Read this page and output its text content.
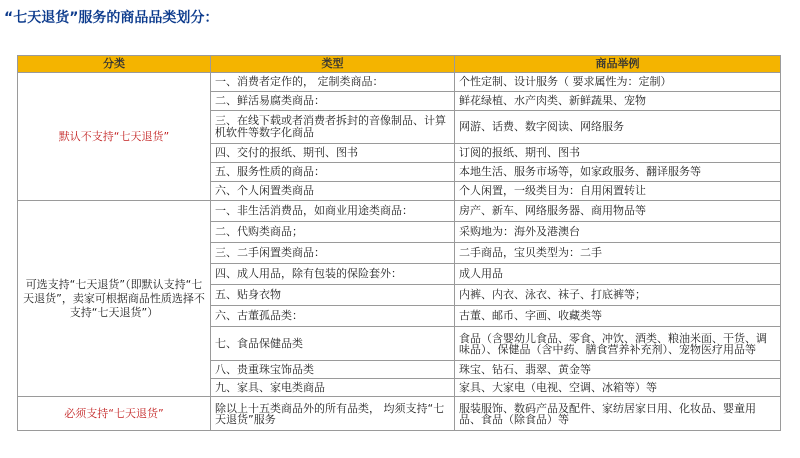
“七天退货”服务的商品品类划分：
分类	类型	商品举例
默认不支持“七天退货”	一、消费者定作的， 定制类商品：	个性定制、设计服务（ 要求属性为：定制）
	二、鲜活易腐类商品：	鲜花绿植、水产肉类、新鲜蔬果、宠物
	三、在线下载或者消费者拆封的音像制品、计算机软件等数字化商品	网游、话费、数字阅读、网络服务
	四、交付的报纸、期刊、图书	订阅的报纸、期刊、图书
	五、服务性质的商品：	本地生活、服务市场等，如家政服务、翻译服务等
	六、个人闲置类商品	个人闲置，一级类目为：自用闲置转让
可选支持“七天退货”（即默认支持“七天退货”，卖家可根据商品性质选择不支持“七天退货”）	一、非生活消费品，如商业用途类商品：	房产、新车、网络服务器、商用物品等
	二、代购类商品；	采购地为：海外及港澳台
	三、二手闲置类商品：	二手商品，宝贝类型为：二手
	四、成人用品，除有包装的保险套外：	成人用品
	五、贴身衣物	内裤、内衣、泳衣、袜子、打底裤等；
	六、古董孤品类：	古董、邮币、字画、收藏类等
	七、食品保健品类	食品（含婴幼儿食品、零食、冲饮、酒类、粮油米面、干货、调味品）、保健品（含中药、膳食营养补充剂）、宠物医疗用品等
	八、贵重珠宝饰品类	珠宝、钻石、翡翠、黄金等
	九、家具、家电类商品	家具、大家电（电视、空调、冰箱等）等
必须支持“七天退货”	除以上十五类商品外的所有品类， 均须支持“七天退货”服务	服装服饰、数码产品及配件、家纺居家日用、化妆品、婴童用品、食品（除食品）等
